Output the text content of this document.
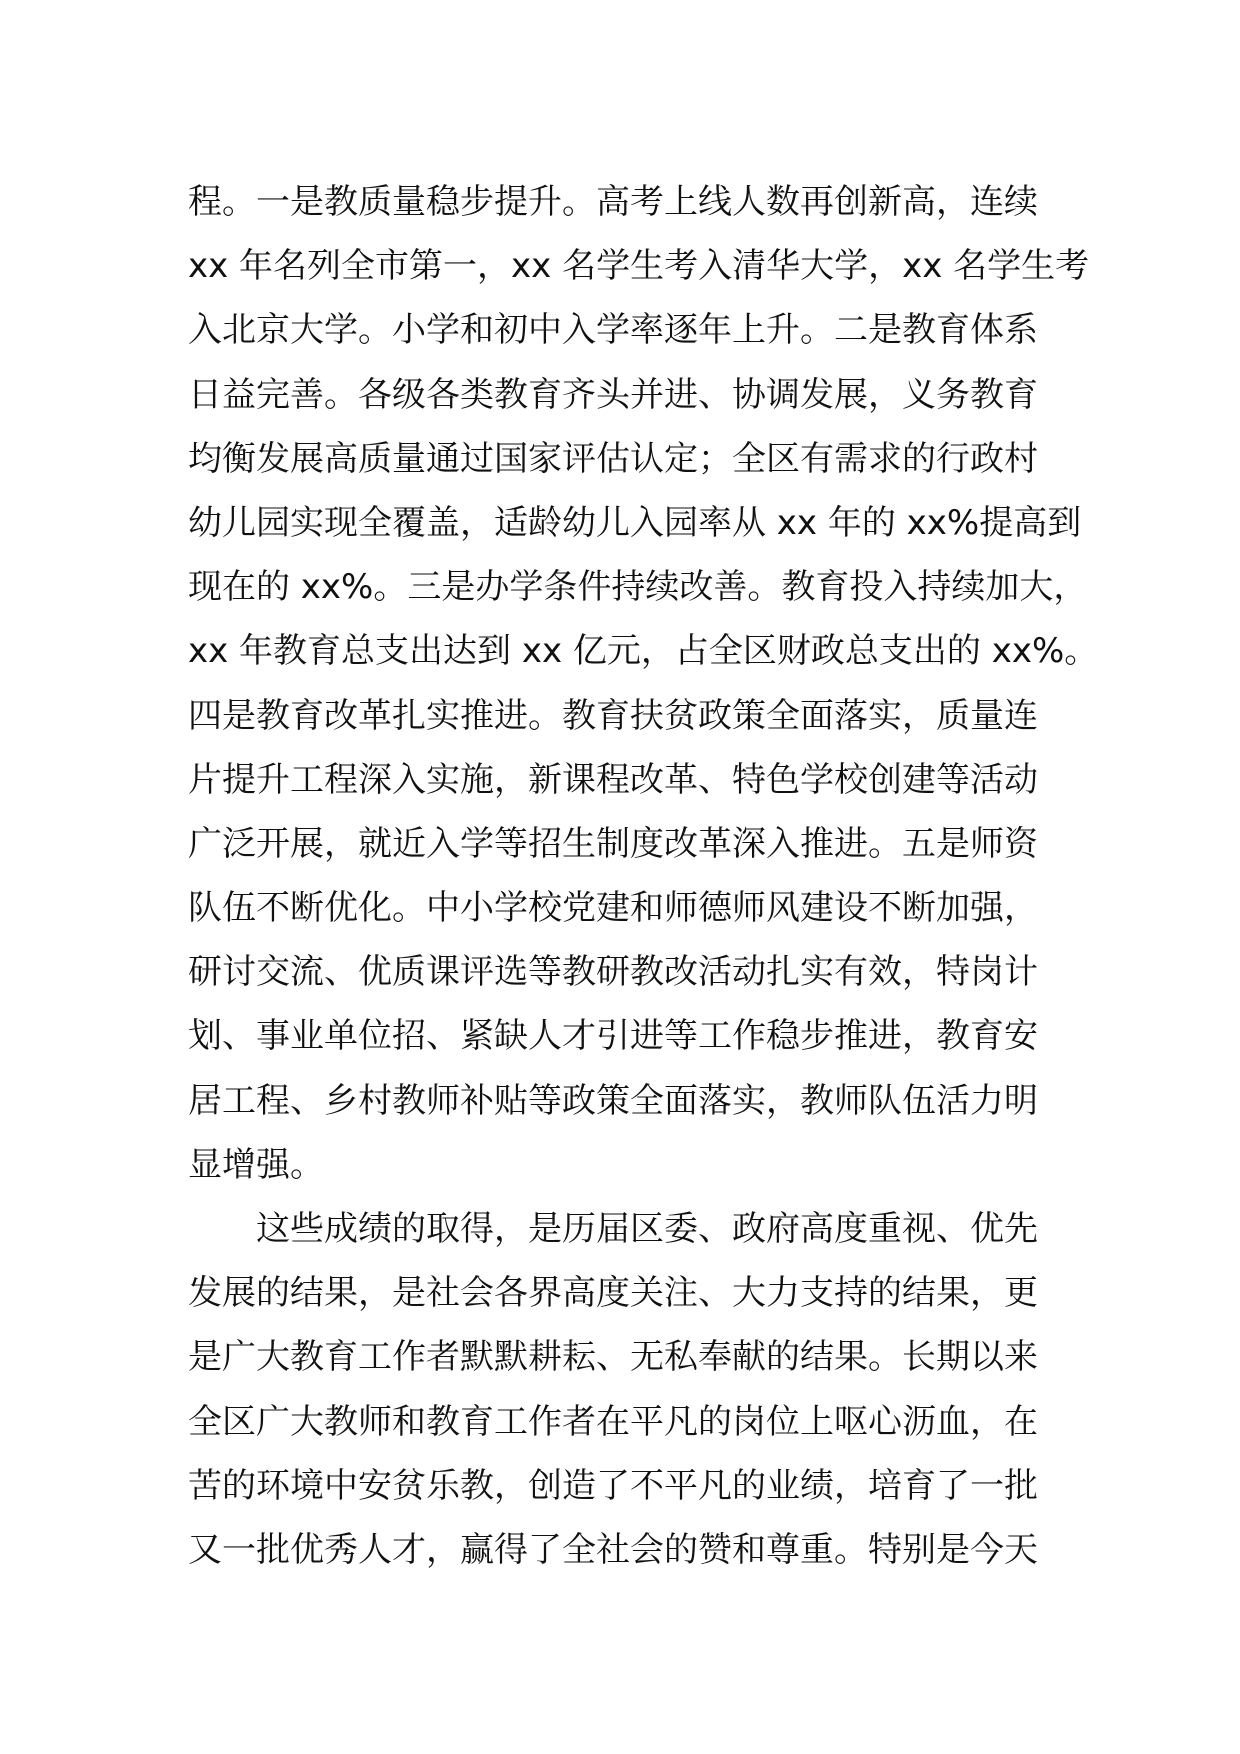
程。一是教质量稳步提升。高考上线人数再创新高，连续
xx 年名列全市第一，xx 名学生考入清华大学，xx 名学生考
入北京大学。小学和初中入学率逐年上升。二是教育体系
日益完善。各级各类教育齐头并进、协调发展，义务教育
均衡发展高质量通过国家评估认定；全区有需求的行政村
幼儿园实现全覆盖，适龄幼儿入园率从 xx 年的 xx%提高到
现在的 xx%。三是办学条件持续改善。教育投入持续加大，
xx 年教育总支出达到 xx 亿元，占全区财政总支出的 xx%。
四是教育改革扎实推进。教育扶贫政策全面落实，质量连
片提升工程深入实施，新课程改革、特色学校创建等活动
广泛开展，就近入学等招生制度改革深入推进。五是师资
队伍不断优化。中小学校党建和师德师风建设不断加强，
研讨交流、优质课评选等教研教改活动扎实有效，特岗计
划、事业单位招、紧缺人才引进等工作稳步推进，教育安
居工程、乡村教师补贴等政策全面落实，教师队伍活力明
显增强。
这些成绩的取得，是历届区委、政府高度重视、优先
发展的结果，是社会各界高度关注、大力支持的结果，更
是广大教育工作者默默耕耘、无私奉献的结果。长期以来
全区广大教师和教育工作者在平凡的岗位上呕心沥血，在
苦的环境中安贫乐教，创造了不平凡的业绩，培育了一批
又一批优秀人才，赢得了全社会的赞和尊重。特别是今天
